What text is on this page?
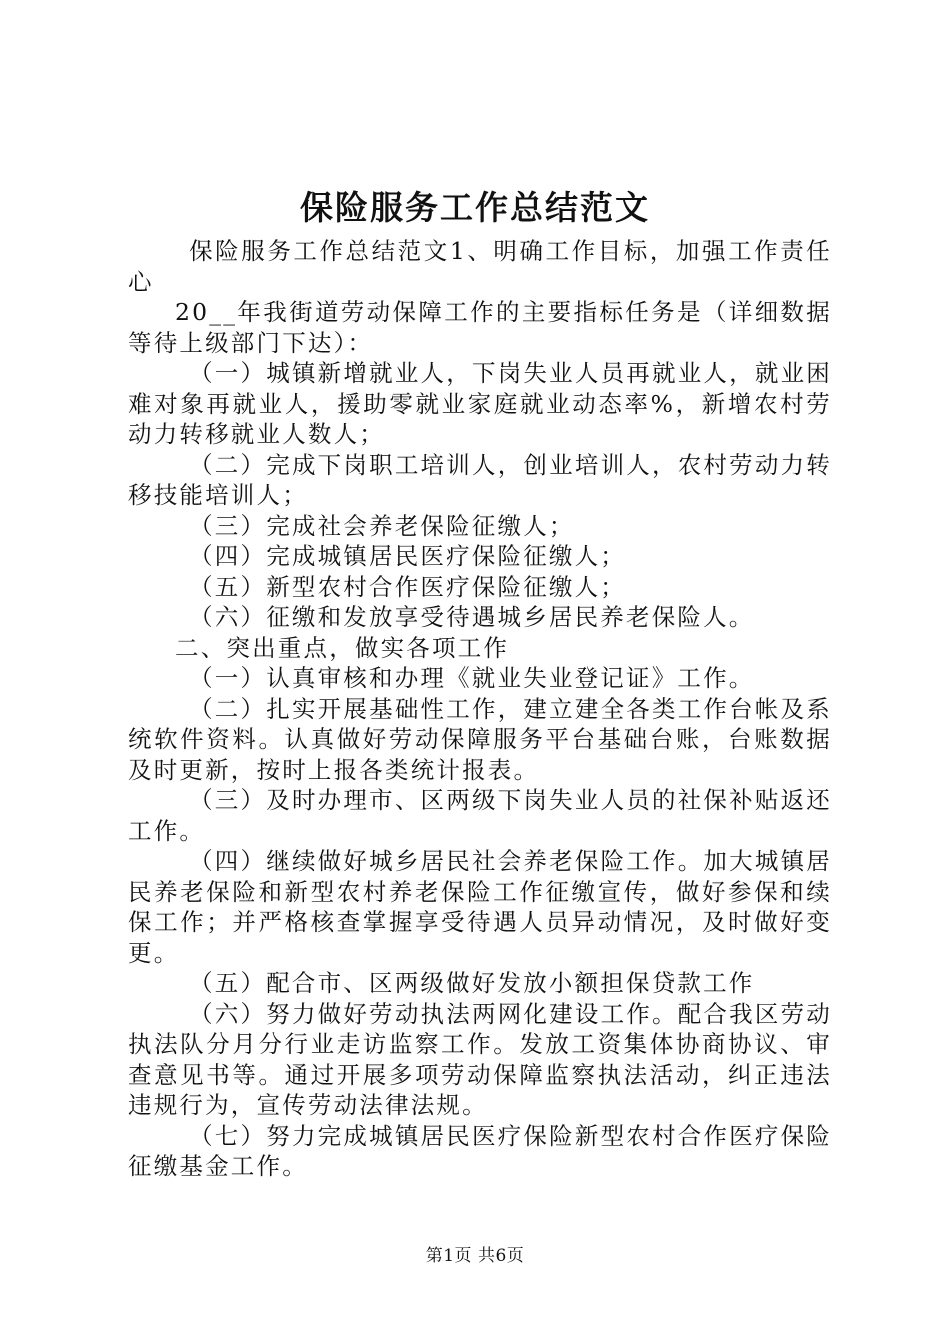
保险服务工作总结范文

保险服务工作总结范文1、明确工作目标，加强工作责任心

20__年我街道劳动保障工作的主要指标任务是（详细数据等待上级部门下达）：

（一）城镇新增就业人，下岗失业人员再就业人，就业困难对象再就业人，援助零就业家庭就业动态率%，新增农村劳动力转移就业人数人；

（二）完成下岗职工培训人，创业培训人，农村劳动力转移技能培训人；

（三）完成社会养老保险征缴人；

（四）完成城镇居民医疗保险征缴人；

（五）新型农村合作医疗保险征缴人；

（六）征缴和发放享受待遇城乡居民养老保险人。

二、突出重点，做实各项工作

（一）认真审核和办理《就业失业登记证》工作。

（二）扎实开展基础性工作，建立建全各类工作台帐及系统软件资料。认真做好劳动保障服务平台基础台账，台账数据及时更新，按时上报各类统计报表。

（三）及时办理市、区两级下岗失业人员的社保补贴返还工作。

（四）继续做好城乡居民社会养老保险工作。加大城镇居民养老保险和新型农村养老保险工作征缴宣传，做好参保和续保工作；并严格核查掌握享受待遇人员异动情况，及时做好变更。

（五）配合市、区两级做好发放小额担保贷款工作

（六）努力做好劳动执法两网化建设工作。配合我区劳动执法队分月分行业走访监察工作。发放工资集体协商协议、审查意见书等。通过开展多项劳动保障监察执法活动，纠正违法违规行为，宣传劳动法律法规。

（七）努力完成城镇居民医疗保险新型农村合作医疗保险征缴基金工作。

第1页 共6页
